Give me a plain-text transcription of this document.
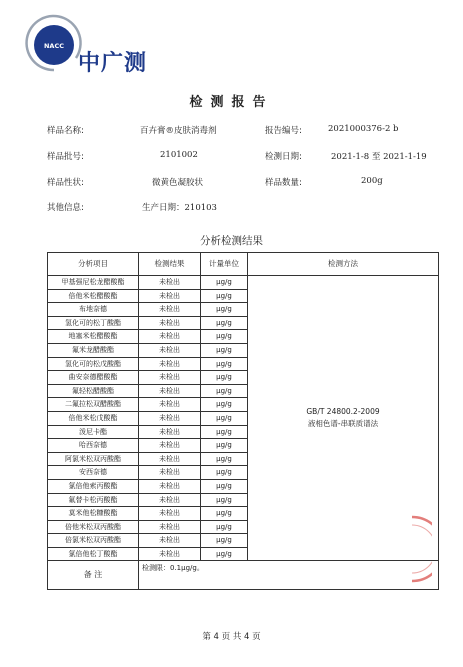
NACC
中广测
检测报告
样品名称:	百卉膏®皮肤消毒剂	报告编号:	2021000376-2 b
样品批号:	2101002	检测日期:	2021-1-8 至 2021-1-19
样品性状:	微黄色凝胶状	样品数量:	200g
其他信息:	生产日期：210103
分析检测结果
分析项目	检测结果	计量单位	检测方法
甲基强尼松龙醋酸酯	未检出	μg/g	GB/T 24800.2-2009
液相色谱-串联质谱法

倍他米松醋酸酯	未检出	μg/g	
布地奈德	未检出	μg/g	
氢化可的松丁酸酯	未检出	μg/g	
地塞米松醋酸酯	未检出	μg/g	
氟米龙醋酸酯	未检出	μg/g	
氢化可的松戊酸酯	未检出	μg/g	
曲安奈德醋酸酯	未检出	μg/g	
氟轻松醋酸酯	未检出	μg/g	
二氟拉松双醋酸酯	未检出	μg/g	
倍他米松戊酸酯	未检出	μg/g	
泼尼卡酯	未检出	μg/g	
哈西奈德	未检出	μg/g	
阿氯米松双丙酸酯	未检出	μg/g	
安西奈德	未检出	μg/g	
氯倍他索丙酸酯	未检出	μg/g	
氟替卡松丙酸酯	未检出	μg/g	
莫米他松糠酸酯	未检出	μg/g	
倍他米松双丙酸酯	未检出	μg/g	
倍氯米松双丙酸酯	未检出	μg/g	
氯倍他松丁酸酯	未检出	μg/g	
备 注	检测限：0.1μg/g。		
第 4 页 共 4 页
